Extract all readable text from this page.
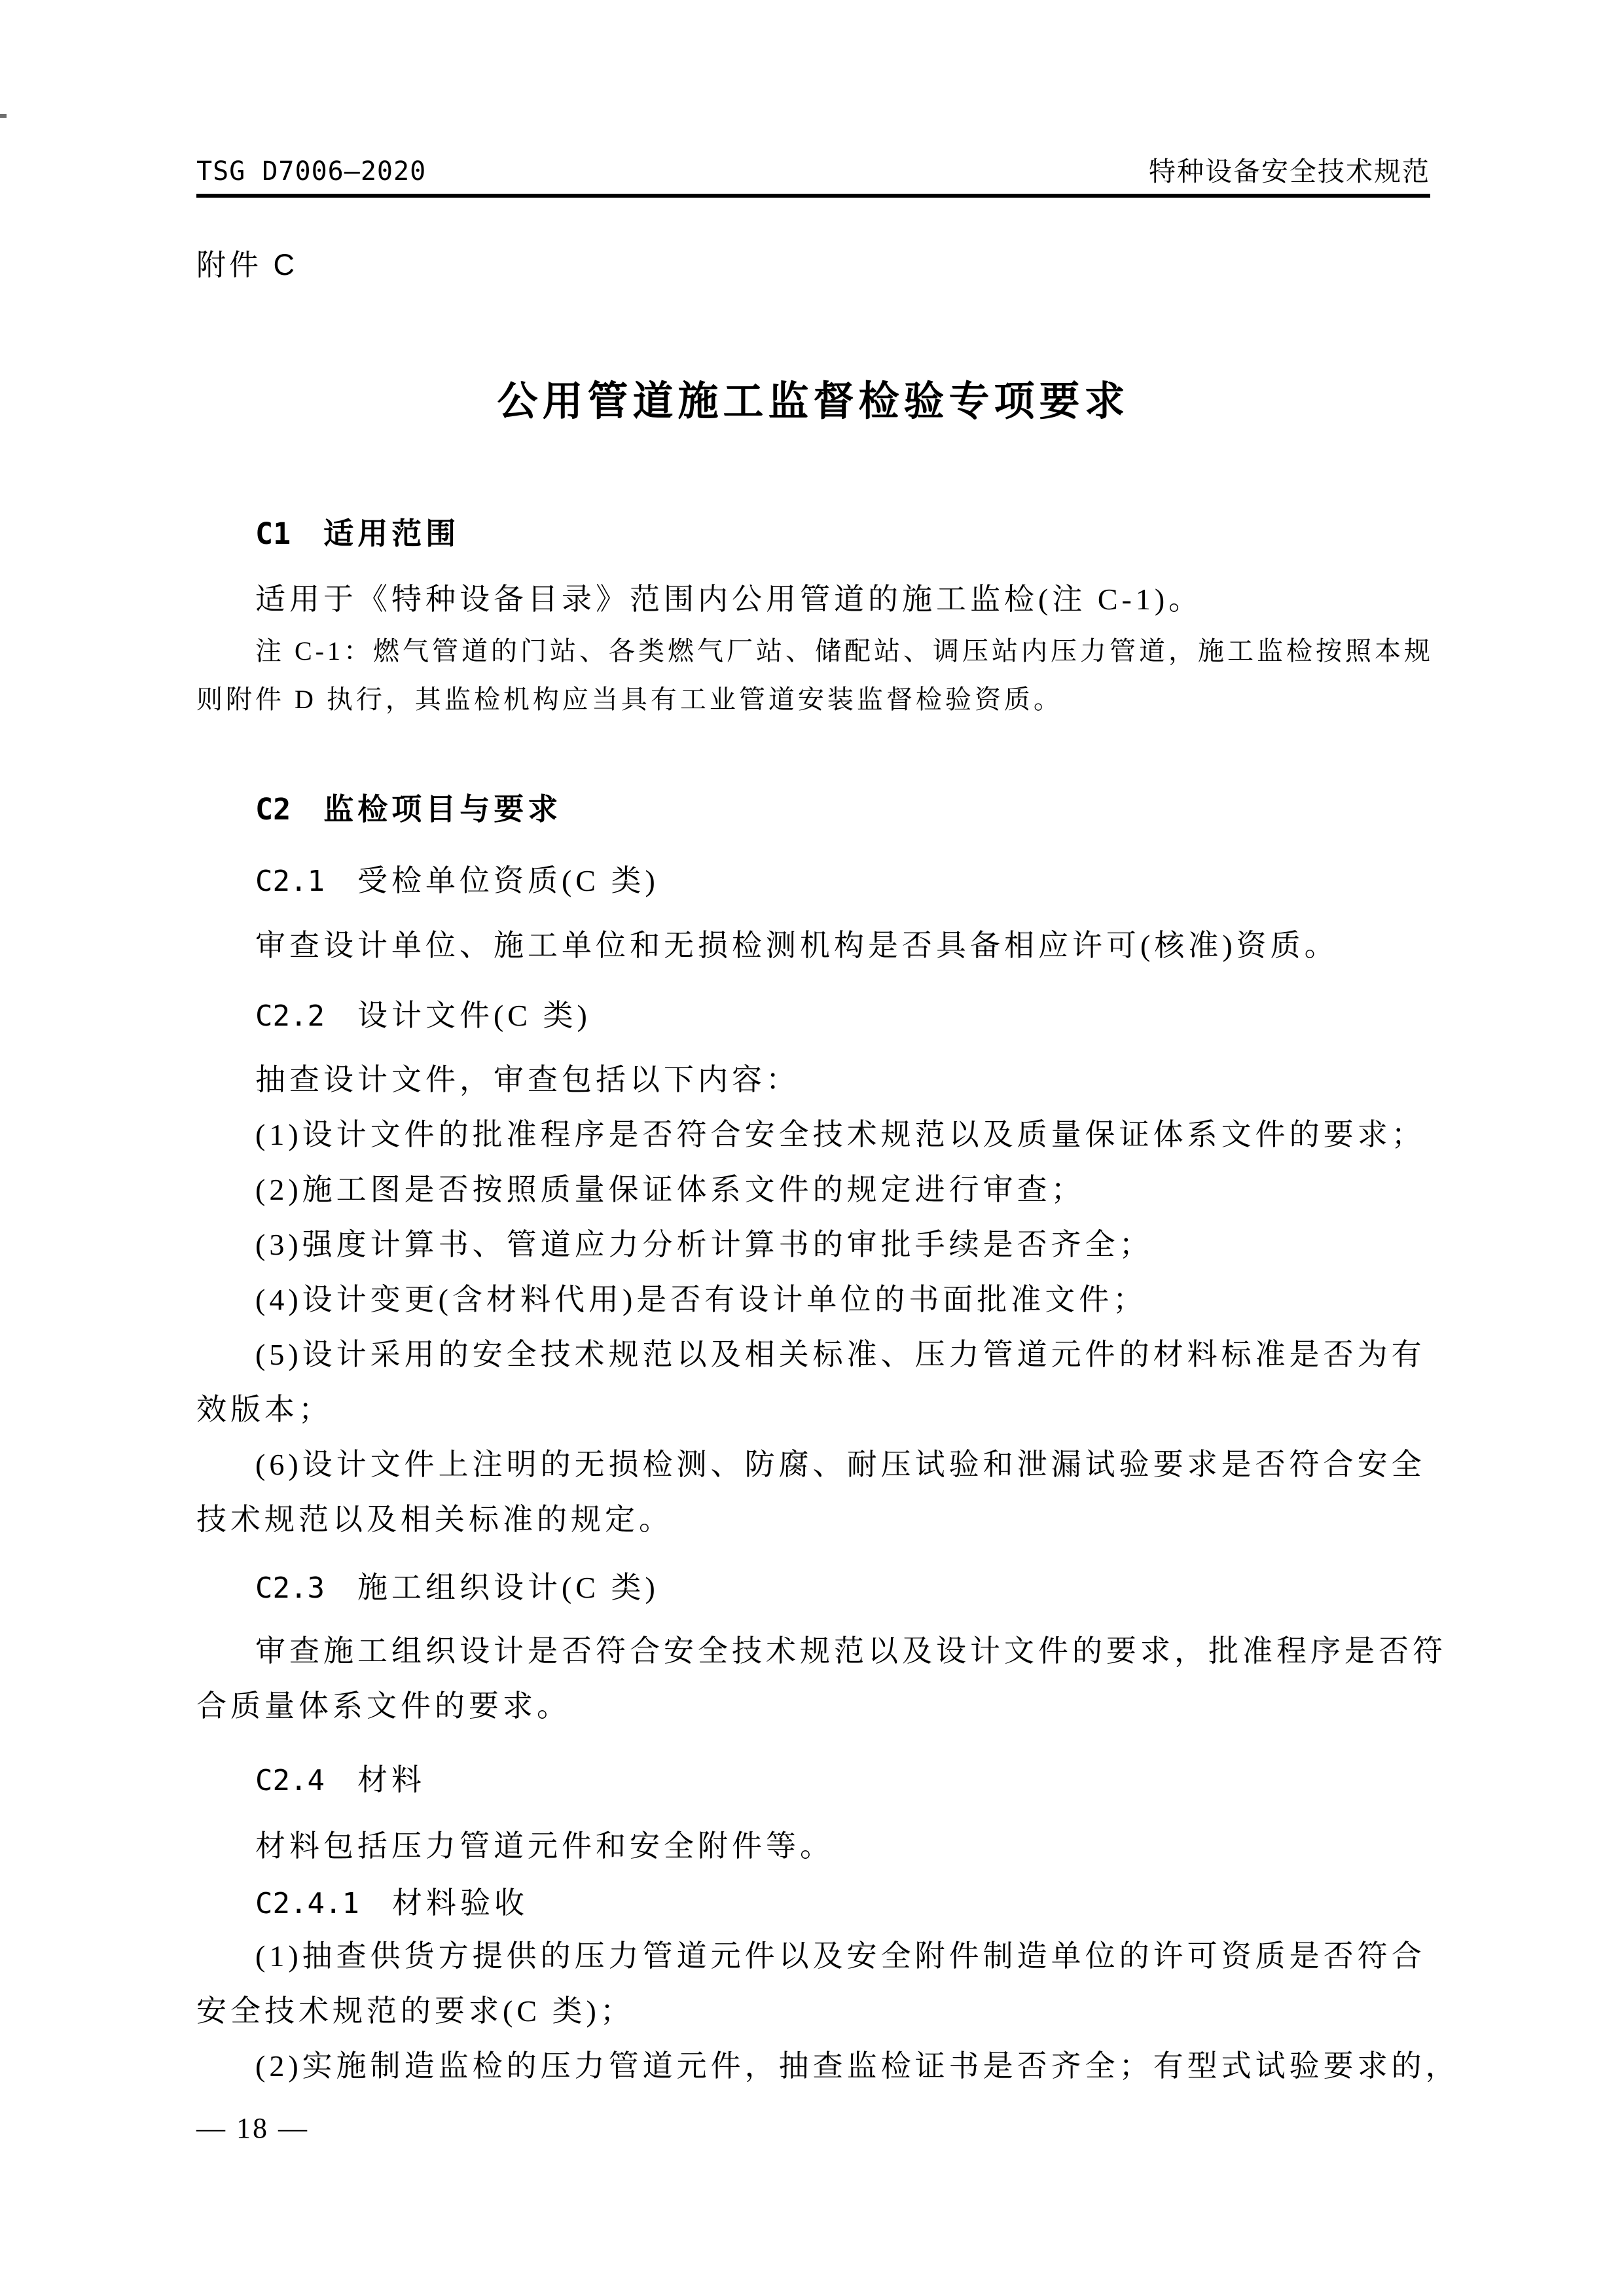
TSG D7006—2020	特种设备安全技术规范
附件 C
公用管道施工监督检验专项要求
C1 适用范围
适用于《特种设备目录》范围内公用管道的施工监检(注 C-1)。
注 C-1：燃气管道的门站、各类燃气厂站、储配站、调压站内压力管道，施工监检按照本规
则附件 D 执行，其监检机构应当具有工业管道安装监督检验资质。
C2 监检项目与要求
C2.1 受检单位资质(C 类)
审查设计单位、施工单位和无损检测机构是否具备相应许可(核准)资质。
C2.2 设计文件(C 类)
抽查设计文件，审查包括以下内容：
(1)设计文件的批准程序是否符合安全技术规范以及质量保证体系文件的要求；
(2)施工图是否按照质量保证体系文件的规定进行审查；
(3)强度计算书、管道应力分析计算书的审批手续是否齐全；
(4)设计变更(含材料代用)是否有设计单位的书面批准文件；
(5)设计采用的安全技术规范以及相关标准、压力管道元件的材料标准是否为有
效版本；
(6)设计文件上注明的无损检测、防腐、耐压试验和泄漏试验要求是否符合安全
技术规范以及相关标准的规定。
C2.3 施工组织设计(C 类)
审查施工组织设计是否符合安全技术规范以及设计文件的要求，批准程序是否符
合质量体系文件的要求。
C2.4 材料
材料包括压力管道元件和安全附件等。
C2.4.1 材料验收
(1)抽查供货方提供的压力管道元件以及安全附件制造单位的许可资质是否符合
安全技术规范的要求(C 类)；
(2)实施制造监检的压力管道元件，抽查监检证书是否齐全；有型式试验要求的，
— 18 —
